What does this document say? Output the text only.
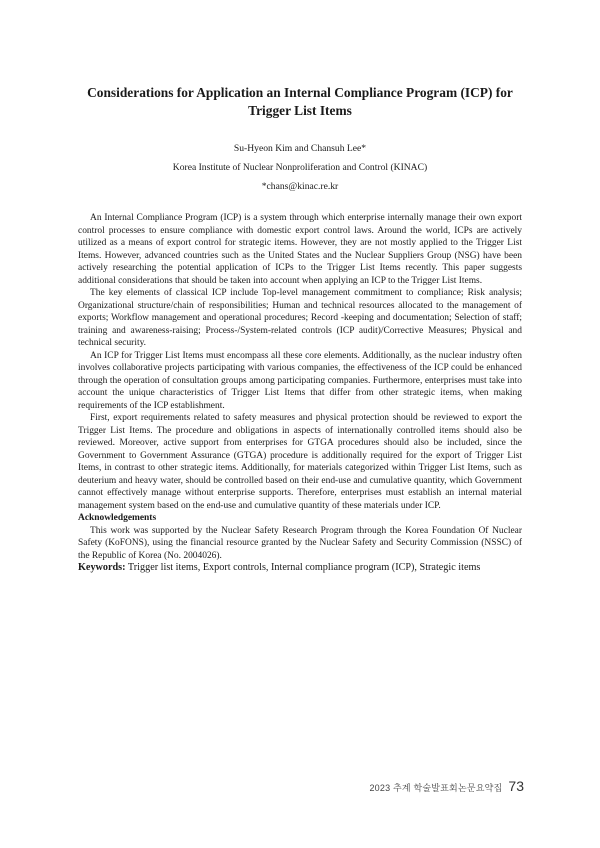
Considerations for Application an Internal Compliance Program (ICP) for
Trigger List Items
Su-Hyeon Kim and Chansuh Lee*
Korea Institute of Nuclear Nonproliferation and Control (KINAC)
*chans@kinac.re.kr

An Internal Compliance Program (ICP) is a system through which enterprise internally manage their own export control processes to ensure compliance with domestic export control laws. Around the world, ICPs are actively utilized as a means of export control for strategic items. However, they are not mostly applied to the Trigger List Items. However, advanced countries such as the United States and the Nuclear Suppliers Group (NSG) have been actively researching the potential application of ICPs to the Trigger List Items recently. This paper suggests additional considerations that should be taken into account when applying an ICP to the Trigger List Items.

The key elements of classical ICP include Top-level management commitment to compliance; Risk analysis; Organizational structure/chain of responsibilities; Human and technical resources allocated to the management of exports; Workflow management and operational procedures; Record -keeping and documentation; Selection of staff; training and awareness-raising; Process-/System-related controls (ICP audit)/Corrective Measures; Physical and technical security.

An ICP for Trigger List Items must encompass all these core elements. Additionally, as the nuclear industry often involves collaborative projects participating with various companies, the effectiveness of the ICP could be enhanced through the operation of consultation groups among participating companies. Furthermore, enterprises must take into account the unique characteristics of Trigger List Items that differ from other strategic items, when making requirements of the ICP establishment.

First, export requirements related to safety measures and physical protection should be reviewed to export the Trigger List Items. The procedure and obligations in aspects of internationally controlled items should also be reviewed. Moreover, active support from enterprises for GTGA procedures should also be included, since the Government to Government Assurance (GTGA) procedure is additionally required for the export of Trigger List Items, in contrast to other strategic items. Additionally, for materials categorized within Trigger List Items, such as deuterium and heavy water, should be controlled based on their end-use and cumulative quantity, which Government cannot effectively manage without enterprise supports. Therefore, enterprises must establish an internal material management system based on the end-use and cumulative quantity of these materials under ICP.

Acknowledgements

This work was supported by the Nuclear Safety Research Program through the Korea Foundation Of Nuclear Safety (KoFONS), using the financial resource granted by the Nuclear Safety and Security Commission (NSSC) of the Republic of Korea (No. 2004026).

Keywords: Trigger list items, Export controls, Internal compliance program (ICP), Strategic items

2023 추계 학술발표회논문요약집 73
